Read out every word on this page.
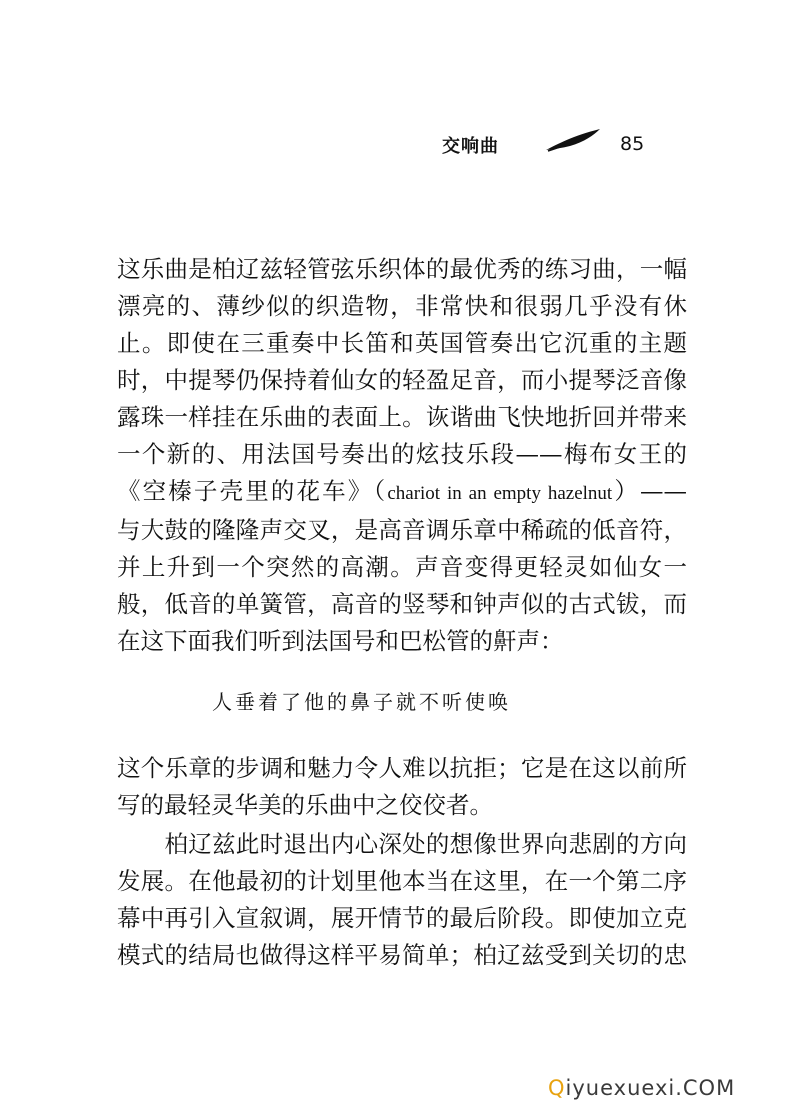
交响曲	85
这乐曲是柏辽兹轻管弦乐织体的最优秀的练习曲，一幅
漂亮的、薄纱似的织造物，非常快和很弱几乎没有休
止。即使在三重奏中长笛和英国管奏出它沉重的主题
时，中提琴仍保持着仙女的轻盈足音，而小提琴泛音像
露珠一样挂在乐曲的表面上。诙谐曲飞快地折回并带来
一个新的、用法国号奏出的炫技乐段——梅布女王的
《空榛子壳里的花车》（chariot in an empty hazelnut）——
与大鼓的隆隆声交叉，是高音调乐章中稀疏的低音符，
并上升到一个突然的高潮。声音变得更轻灵如仙女一
般，低音的单簧管，高音的竖琴和钟声似的古式钹，而
在这下面我们听到法国号和巴松管的鼾声：
人垂着了他的鼻子就不听使唤
这个乐章的步调和魅力令人难以抗拒；它是在这以前所
写的最轻灵华美的乐曲中之佼佼者。
　　柏辽兹此时退出内心深处的想像世界向悲剧的方向
发展。在他最初的计划里他本当在这里，在一个第二序
幕中再引入宣叙调，展开情节的最后阶段。即使加立克
模式的结局也做得这样平易简单；柏辽兹受到关切的忠
Qiyuexuexi.COM
